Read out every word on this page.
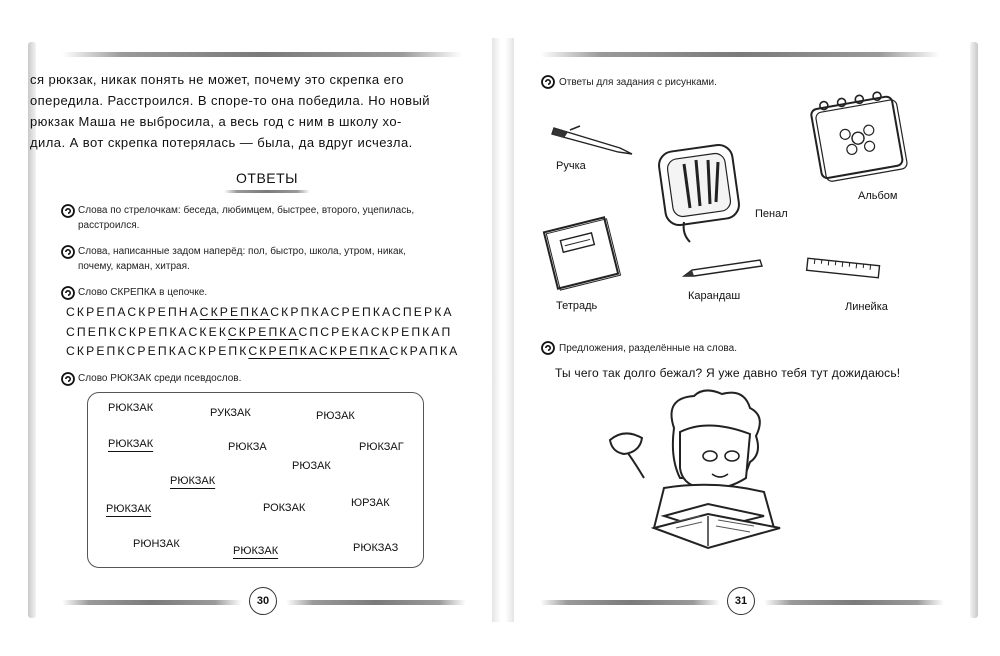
ся рюкзак, никак понять не может, почему это скрепка его
опередила. Расстроился. В споре-то она победила. Но новый
рюкзак Маша не выбросила, а весь год с ним в школу хо-
дила. А вот скрепка потерялась — была, да вдруг исчезла.
ОТВЕТЫ
Слова по стрелочкам: беседа, любимцем, быстрее, второго, уцепилась,
расстроился.
Слова, написанные задом наперёд: пол, быстро, школа, утром, никак,
почему, карман, хитрая.
Слово СКРЕПКА в цепочке.
СКРЕПАСКРЕПНАСКРЕПКАСКРПКАСРЕПКАСПЕРКА
СПЕПКСКРЕПКАСКЕКСКРЕПКАСПСРЕКАСКРЕПКАП
СКРЕПКСРЕПКАСКРЕПКСКРЕПКАСКРЕПКАСКРАПКА
Слово РЮКЗАК среди псевдослов.
РЮКЗАК	РУКЗАК	РЮЗАК
РЮКЗАК	РЮКЗА	РЮКЗАГ
РЮЗАК
РЮКЗАК
РЮКЗАК	РОКЗАК	ЮРЗАК
РЮНЗАК
РЮКЗАК	РЮКЗАЗ
30
Ответы для задания с рисунками.
Ручка
Пенал
Альбом
Тетрадь
Карандаш
Линейка
Предложения, разделённые на слова.
Ты чего так долго бежал? Я уже давно тебя тут дожидаюсь!
31
